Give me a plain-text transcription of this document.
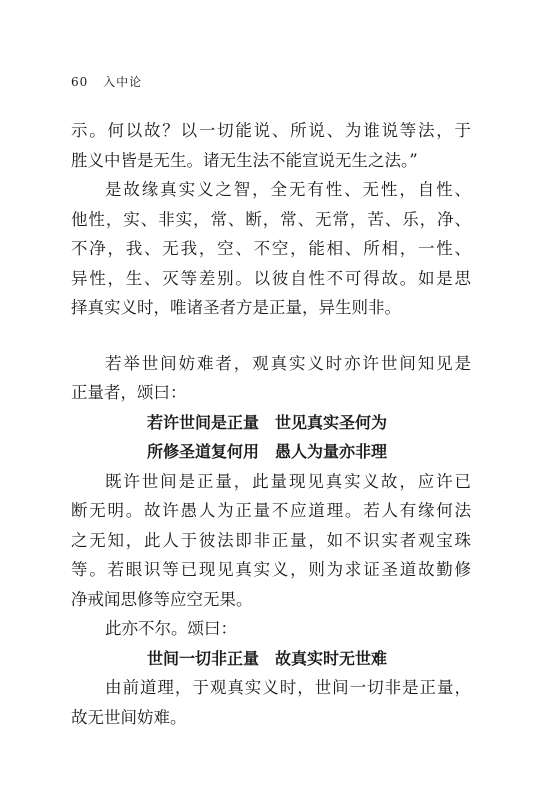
60 入中论
示。何以故？以一切能说、所说、为谁说等法，于
胜义中皆是无生。诸无生法不能宣说无生之法。”
是故缘真实义之智，全无有性、无性，自性、
他性，实、非实，常、断，常、无常，苦、乐，净、
不净，我、无我，空、不空，能相、所相，一性、
异性，生、灭等差别。以彼自性不可得故。如是思
择真实义时，唯诸圣者方是正量，异生则非。
若举世间妨难者，观真实义时亦许世间知见是
正量者，颂曰：
若许世间是正量 世见真实圣何为
所修圣道复何用 愚人为量亦非理
既许世间是正量，此量现见真实义故，应许已
断无明。故许愚人为正量不应道理。若人有缘何法
之无知，此人于彼法即非正量，如不识实者观宝珠
等。若眼识等已现见真实义，则为求证圣道故勤修
净戒闻思修等应空无果。
此亦不尔。颂曰：
世间一切非正量 故真实时无世难
由前道理，于观真实义时，世间一切非是正量，
故无世间妨难。
